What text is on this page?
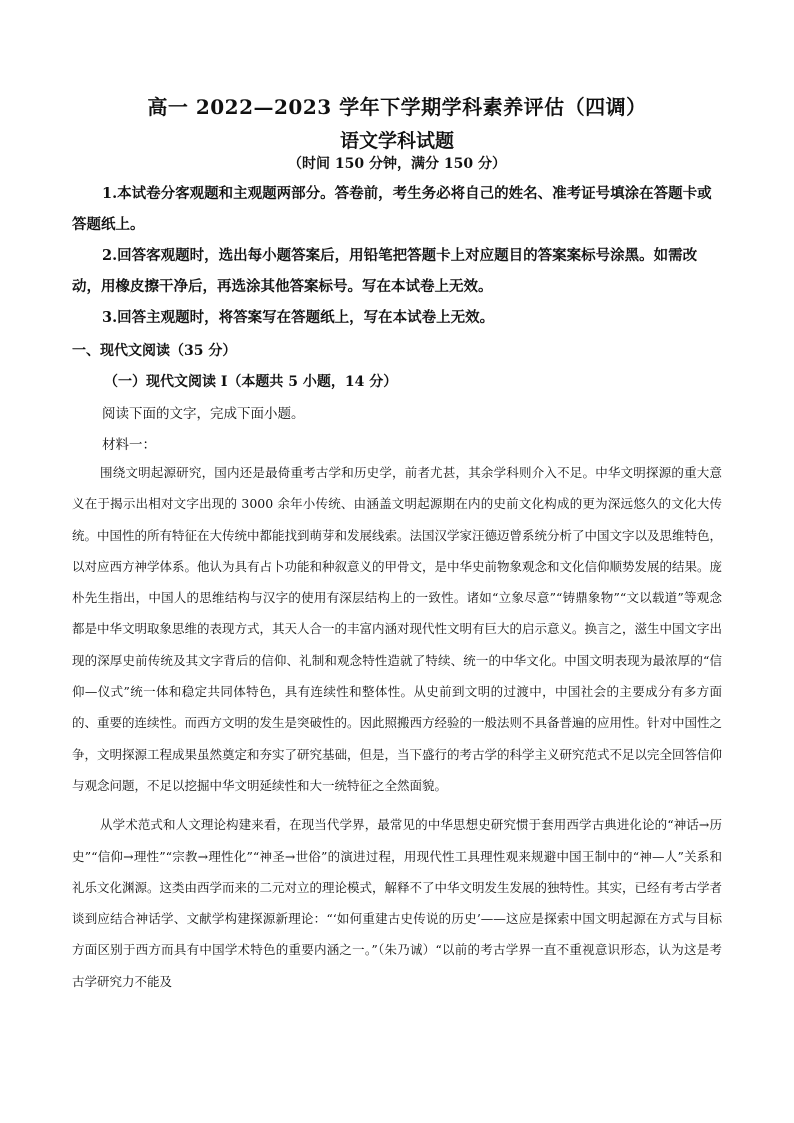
高一 2022—2023 学年下学期学科素养评估（四调）
语文学科试题
（时间 150 分钟，满分 150 分）

1.本试卷分客观题和主观题两部分。答卷前，考生务必将自己的姓名、准考证号填涂在答题卡或答题纸上。

2.回答客观题时，选出每小题答案后，用铅笔把答题卡上对应题目的答案案标号涂黑。如需改动，用橡皮擦干净后，再选涂其他答案标号。写在本试卷上无效。

3.回答主观题时，将答案写在答题纸上，写在本试卷上无效。

一、现代文阅读（35 分）
（一）现代文阅读 I（本题共 5 小题，14 分）
阅读下面的文字，完成下面小题。
材料一：

围绕文明起源研究，国内还是最倚重考古学和历史学，前者尤甚，其余学科则介入不足。中华文明探源的重大意义在于揭示出相对文字出现的 3000 余年小传统、由涵盖文明起源期在内的史前文化构成的更为深远悠久的文化大传统。中国性的所有特征在大传统中都能找到萌芽和发展线索。法国汉学家汪德迈曾系统分析了中国文字以及思维特色，以对应西方神学体系。他认为具有占卜功能和种叙意义的甲骨文，是中华史前物象观念和文化信仰顺势发展的结果。庞朴先生指出，中国人的思维结构与汉字的使用有深层结构上的一致性。诸如“立象尽意”“铸鼎象物”“文以载道”等观念都是中华文明取象思维的表现方式，其天人合一的丰富内涵对现代性文明有巨大的启示意义。换言之，滋生中国文字出现的深厚史前传统及其文字背后的信仰、礼制和观念特性造就了特续、统一的中华文化。中国文明表现为最浓厚的“信仰—仪式”统一体和稳定共同体特色，具有连续性和整体性。从史前到文明的过渡中，中国社会的主要成分有多方面的、重要的连续性。而西方文明的发生是突破性的。因此照搬西方经验的一般法则不具备普遍的应用性。针对中国性之争，文明探源工程成果虽然奠定和夯实了研究基础，但是，当下盛行的考古学的科学主义研究范式不足以完全回答信仰与观念问题，不足以挖掘中华文明延续性和大一统特征之全然面貌。

从学术范式和人文理论构建来看，在现当代学界，最常见的中华思想史研究惯于套用西学古典进化论的“神话→历史”“信仰→理性”“宗教→理性化”“神圣→世俗”的演进过程，用现代性工具理性观来规避中国王制中的“神—人”关系和礼乐文化渊源。这类由西学而来的二元对立的理论模式，解释不了中华文明发生发展的独特性。其实，已经有考古学者谈到应结合神话学、文献学构建探源新理论：“‘如何重建古史传说的历史’——这应是探索中国文明起源在方式与目标方面区别于西方而具有中国学术特色的重要内涵之一。”（朱乃诚）“以前的考古学界一直不重视意识形态，认为这是考古学研究力不能及
